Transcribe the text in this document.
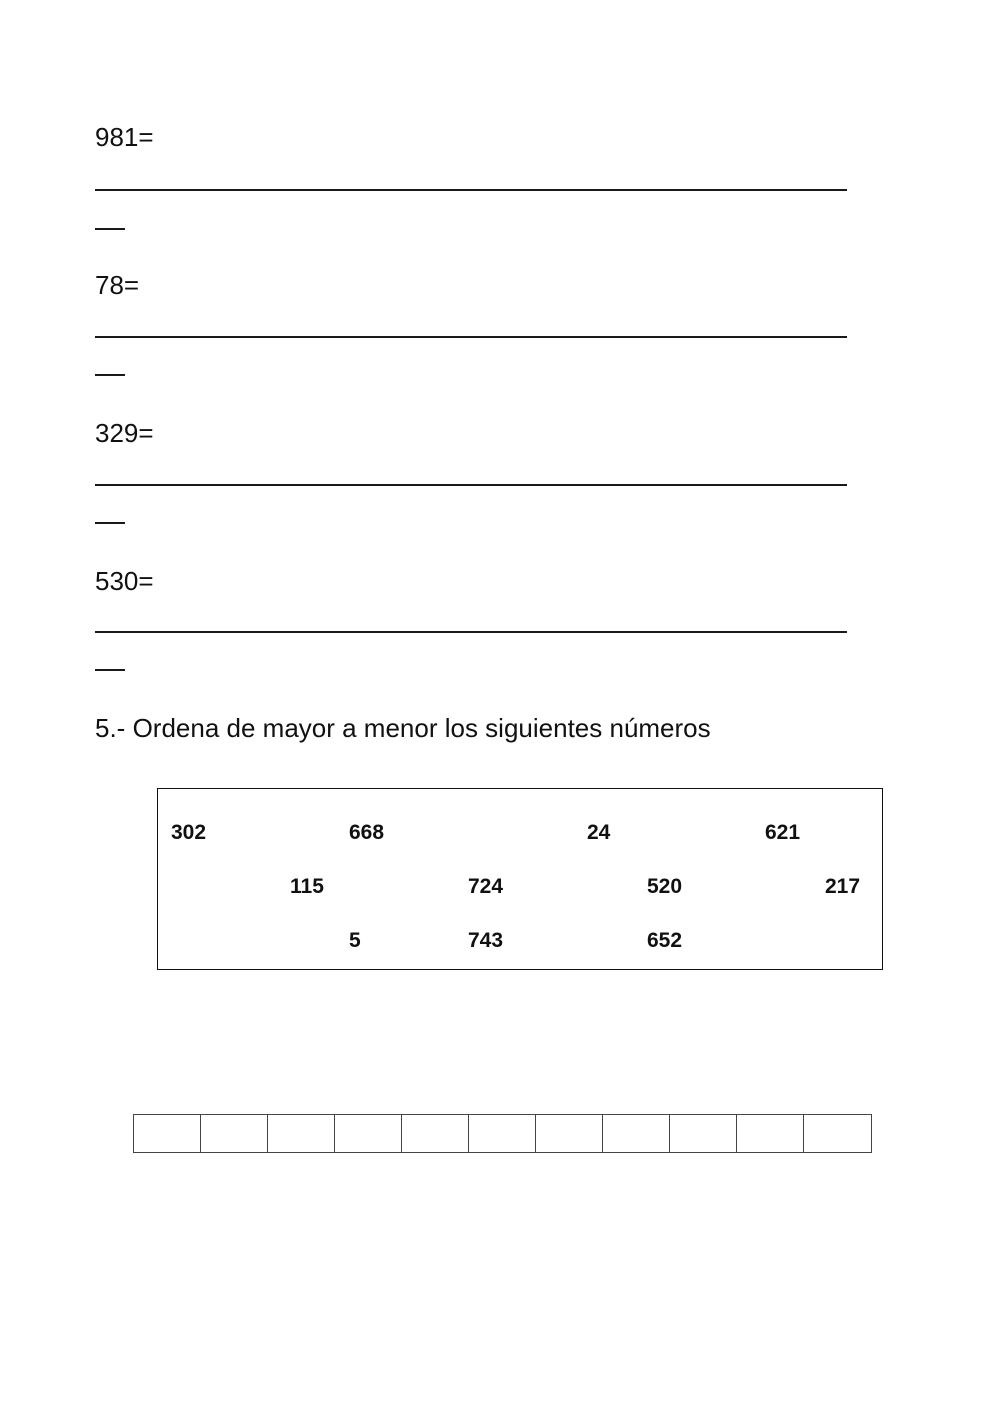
981=
78=
329=
530=
5.- Ordena de mayor a menor los siguientes números
302	668	24	621
115	724	520	217
5	743	652
